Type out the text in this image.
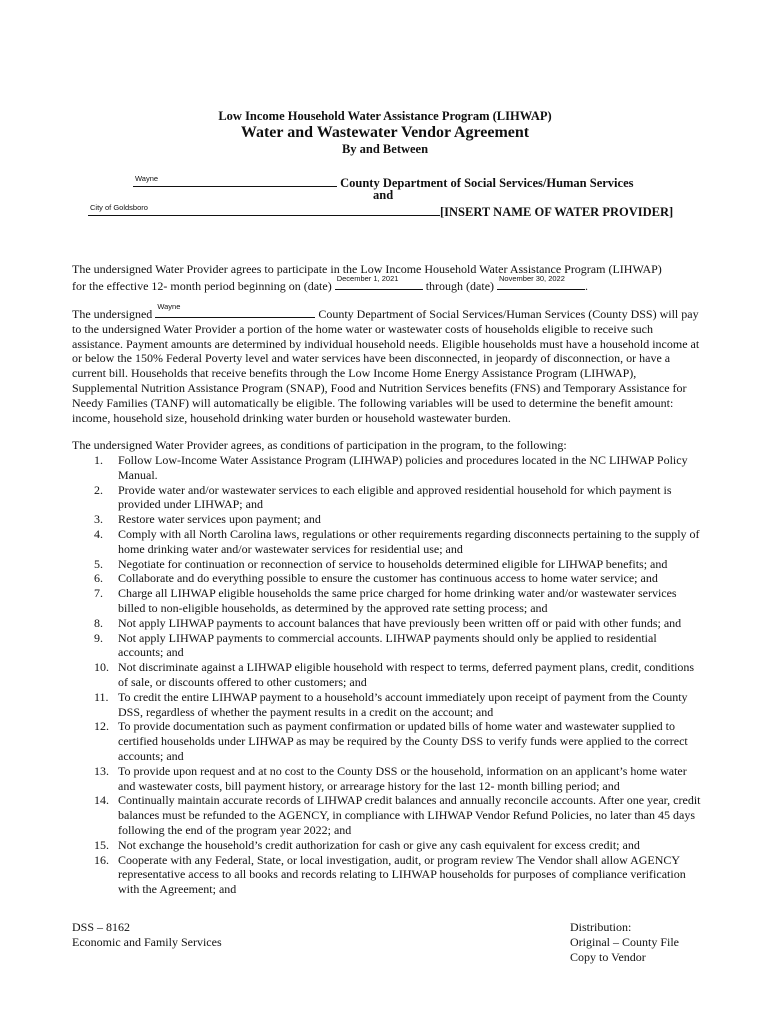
Low Income Household Water Assistance Program (LIHWAP)
Water and Wastewater Vendor Agreement
By and Between
Wayne	County Department of Social Services/Human Services
and
City of Goldsboro	[INSERT NAME OF WATER PROVIDER]
The undersigned Water Provider agrees to participate in the Low Income Household Water Assistance Program (LIHWAP)
for the effective 12- month period beginning on (date)
December 1, 2021
through (date)
November 30, 2022
.
The undersigned
Wayne
County Department of Social Services/Human Services (County DSS) will pay to the undersigned Water Provider a portion of the home water or wastewater costs of households eligible to receive such assistance. Payment amounts are determined by individual household needs. Eligible households must have a household income at or below the 150% Federal Poverty level and water services have been disconnected, in jeopardy of disconnection, or have a current bill. Households that receive benefits through the Low Income Home Energy Assistance Program (LIHWAP), Supplemental Nutrition Assistance Program (SNAP), Food and Nutrition Services benefits (FNS) and Temporary Assistance for Needy Families (TANF) will automatically be eligible. The following variables will be used to determine the benefit amount: income, household size, household drinking water burden or household wastewater burden.
The undersigned Water Provider agrees, as conditions of participation in the program, to the following:
1.	Follow Low-Income Water Assistance Program (LIHWAP) policies and procedures located in the NC LIHWAP Policy Manual.
2.	Provide water and/or wastewater services to each eligible and approved residential household for which payment is provided under LIHWAP; and
3.	Restore water services upon payment; and
4.	Comply with all North Carolina laws, regulations or other requirements regarding disconnects pertaining to the supply of home drinking water and/or wastewater services for residential use; and
5.	Negotiate for continuation or reconnection of service to households determined eligible for LIHWAP benefits; and
6.	Collaborate and do everything possible to ensure the customer has continuous access to home water service; and
7.	Charge all LIHWAP eligible households the same price charged for home drinking water and/or wastewater services billed to non-eligible households, as determined by the approved rate setting process; and
8.	Not apply LIHWAP payments to account balances that have previously been written off or paid with other funds; and
9.	Not apply LIHWAP payments to commercial accounts. LIHWAP payments should only be applied to residential accounts; and
10. Not discriminate against a LIHWAP eligible household with respect to terms, deferred payment plans, credit, conditions of sale, or discounts offered to other customers; and
11. To credit the entire LIHWAP payment to a household’s account immediately upon receipt of payment from the County DSS, regardless of whether the payment results in a credit on the account; and
12. To provide documentation such as payment confirmation or updated bills of home water and wastewater supplied to certified households under LIHWAP as may be required by the County DSS to verify funds were applied to the correct accounts; and
13. To provide upon request and at no cost to the County DSS or the household, information on an applicant’s home water and wastewater costs, bill payment history, or arrearage history for the last 12- month billing period; and
14. Continually maintain accurate records of LIHWAP credit balances and annually reconcile accounts. After one year, credit balances must be refunded to the AGENCY, in compliance with LIHWAP Vendor Refund Policies, no later than 45 days following the end of the program year 2022; and
15. Not exchange the household’s credit authorization for cash or give any cash equivalent for excess credit; and
16. Cooperate with any Federal, State, or local investigation, audit, or program review The Vendor shall allow AGENCY representative access to all books and records relating to LIHWAP households for purposes of compliance verification with the Agreement; and
DSS – 8162
Economic and Family Services
Distribution:
Original – County File
Copy to Vendor
